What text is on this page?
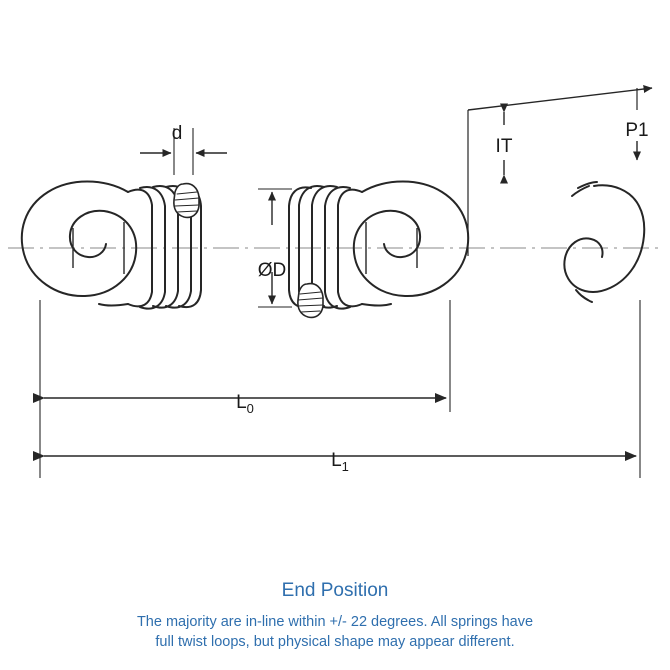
d
ØD
IT
P1
$L_0$
$L_1$
End Position
The majority are in-line within +/- 22 degrees. All springs have
full twist loops, but physical shape may appear different.
